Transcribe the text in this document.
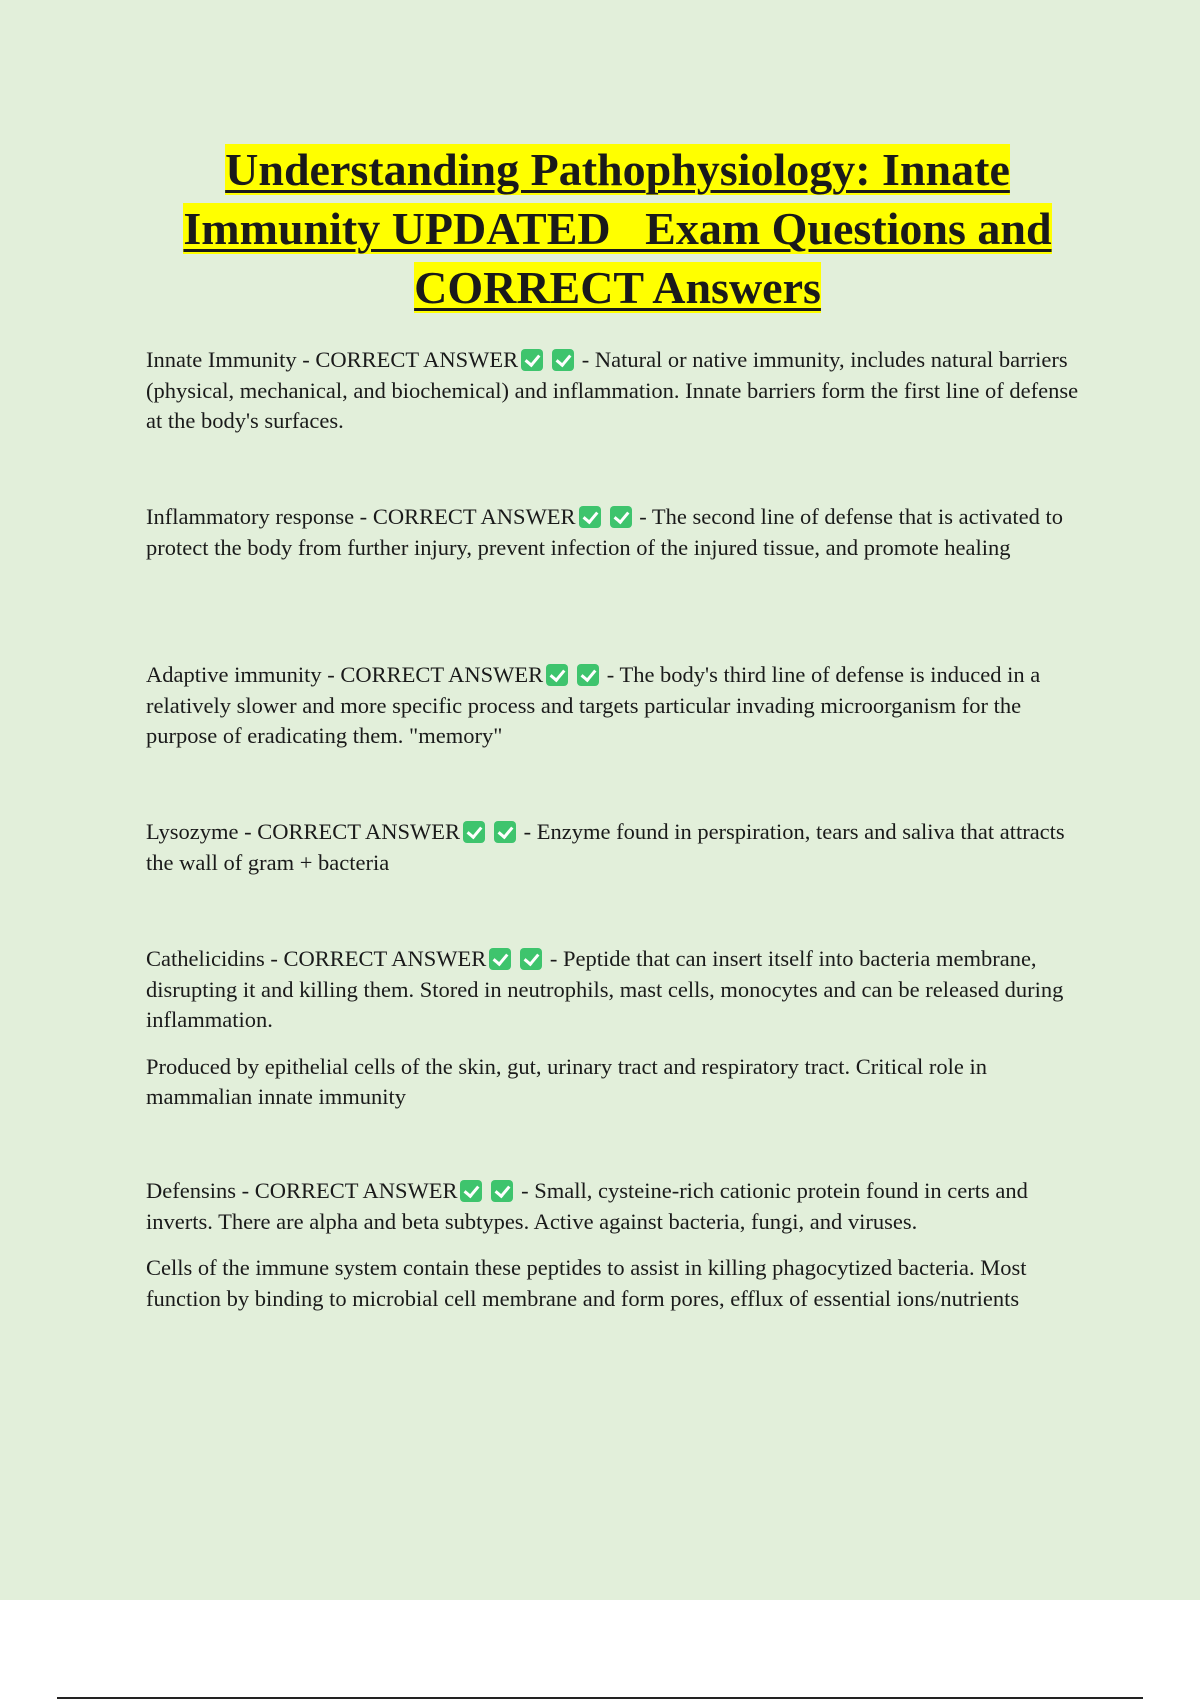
Understanding Pathophysiology: Innate
Immunity UPDATED   Exam Questions and
CORRECT Answers

Innate Immunity - CORRECT ANSWER	- Natural or native immunity, includes natural barriers (physical, mechanical, and biochemical) and inflammation. Innate barriers form the first line of defense at the body's surfaces.

Inflammatory response - CORRECT ANSWER	- The second line of defense that is activated to protect the body from further injury, prevent infection of the injured tissue, and promote healing

Adaptive immunity - CORRECT ANSWER	- The body's third line of defense is induced in a relatively slower and more specific process and targets particular invading microorganism for the purpose of eradicating them. "memory"

Lysozyme - CORRECT ANSWER	- Enzyme found in perspiration, tears and saliva that attracts the wall of gram + bacteria

Cathelicidins - CORRECT ANSWER	- Peptide that can insert itself into bacteria membrane, disrupting it and killing them. Stored in neutrophils, mast cells, monocytes and can be released during inflammation.

Produced by epithelial cells of the skin, gut, urinary tract and respiratory tract. Critical role in mammalian innate immunity

Defensins - CORRECT ANSWER	- Small, cysteine-rich cationic protein found in certs and inverts. There are alpha and beta subtypes. Active against bacteria, fungi, and viruses.

Cells of the immune system contain these peptides to assist in killing phagocytized bacteria. Most function by binding to microbial cell membrane and form pores, efflux of essential ions/nutrients
